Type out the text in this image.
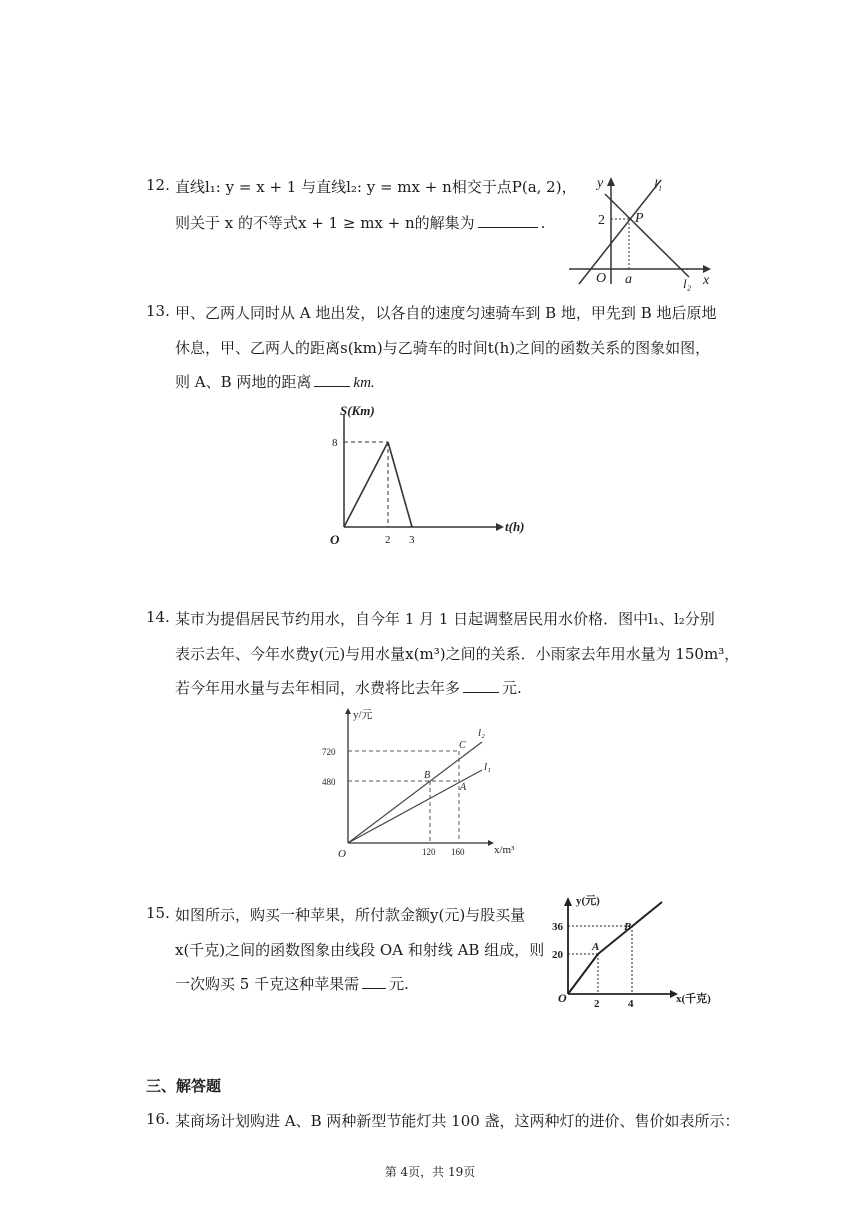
12. 直线l₁: y = x + 1 与直线l₂: y = mx + n相交于点P(a, 2)，
则关于 x 的不等式x + 1 ≥ mx + n的解集为	.
y
x
l₁
l₂
P
O a
2
13. 甲、乙两人同时从 A 地出发，以各自的速度匀速骑车到 B 地，甲先到 B 地后原地
休息，甲、乙两人的距离s(km)与乙骑车的时间t(h)之间的函数关系的图象如图，
则 A、B 两地的距离	km.
S(Km)
t(h)
O
8
2 3
14. 某市为提倡居民节约用水，自今年 1 月 1 日起调整居民用水价格．图中l₁、l₂分别
表示去年、今年水费y(元)与用水量x(m³)之间的关系．小雨家去年用水量为 150m³，
若今年用水量与去年相同，水费将比去年多	元.
y/元
x/m³
O
720
480
120 160
l₂
l₁
C
B
A
15. 如图所示，购买一种苹果，所付款金额y(元)与股买量
x(千克)之间的函数图象由线段 OA 和射线 AB 组成，则
一次购买 5 千克这种苹果需 元.
y(元)
x(千克)
O
36
20
2	4
A
B
三、解答题
16. 某商场计划购进 A、B 两种新型节能灯共 100 盏，这两种灯的进价、售价如表所示：
第 4页，共 19页
